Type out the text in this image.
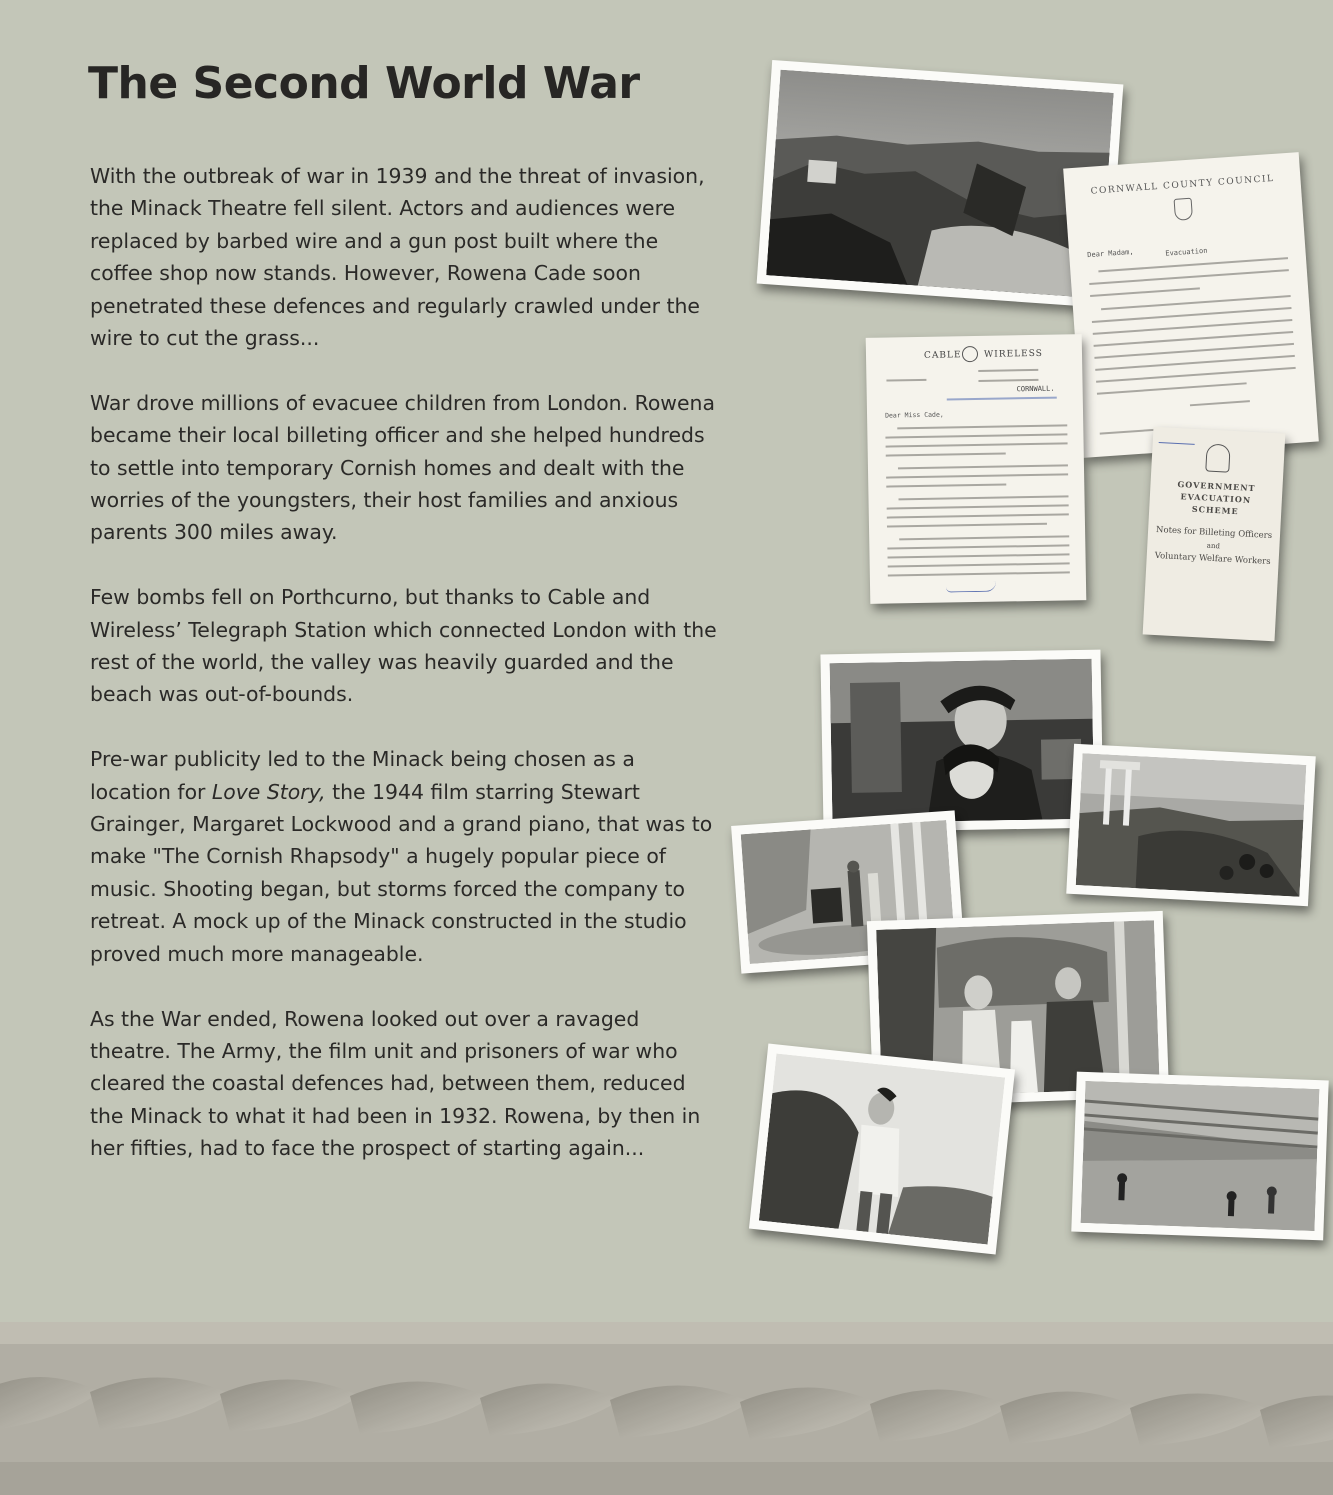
The Second World War

With the outbreak of war in 1939 and the threat of invasion, the Minack Theatre fell silent. Actors and audiences were replaced by barbed wire and a gun post built where the coffee shop now stands. However, Rowena Cade soon penetrated these defences and regularly crawled under the wire to cut the grass...

War drove millions of evacuee children from London. Rowena became their local billeting officer and she helped hundreds to settle into temporary Cornish homes and dealt with the worries of the youngsters, their host families and anxious parents 300 miles away.

Few bombs fell on Porthcurno, but thanks to Cable and Wireless’ Telegraph Station which connected London with the rest of the world, the valley was heavily guarded and the beach was out-of-bounds.

Pre-war publicity led to the Minack being chosen as a location for Love Story, the 1944 film starring Stewart Grainger, Margaret Lockwood and a grand piano, that was to make "The Cornish Rhapsody" a hugely popular piece of music. Shooting began, but storms forced the company to retreat. A mock up of the Minack constructed in the studio proved much more manageable.

As the War ended, Rowena looked out over a ravaged theatre. The Army, the film unit and prisoners of war who cleared the coastal defences had, between them, reduced the Minack to what it had been in 1932. Rowena, by then in her fifties, had to face the prospect of starting again...

CORNWALL COUNTY COUNCIL
Dear Madam,	Evacuation
CABLE WIRELESS
CORNWALL.
Dear Miss Cade,
GOVERNMENT EVACUATION SCHEME
Notes for Billeting Officers
and
Voluntary Welfare Workers
